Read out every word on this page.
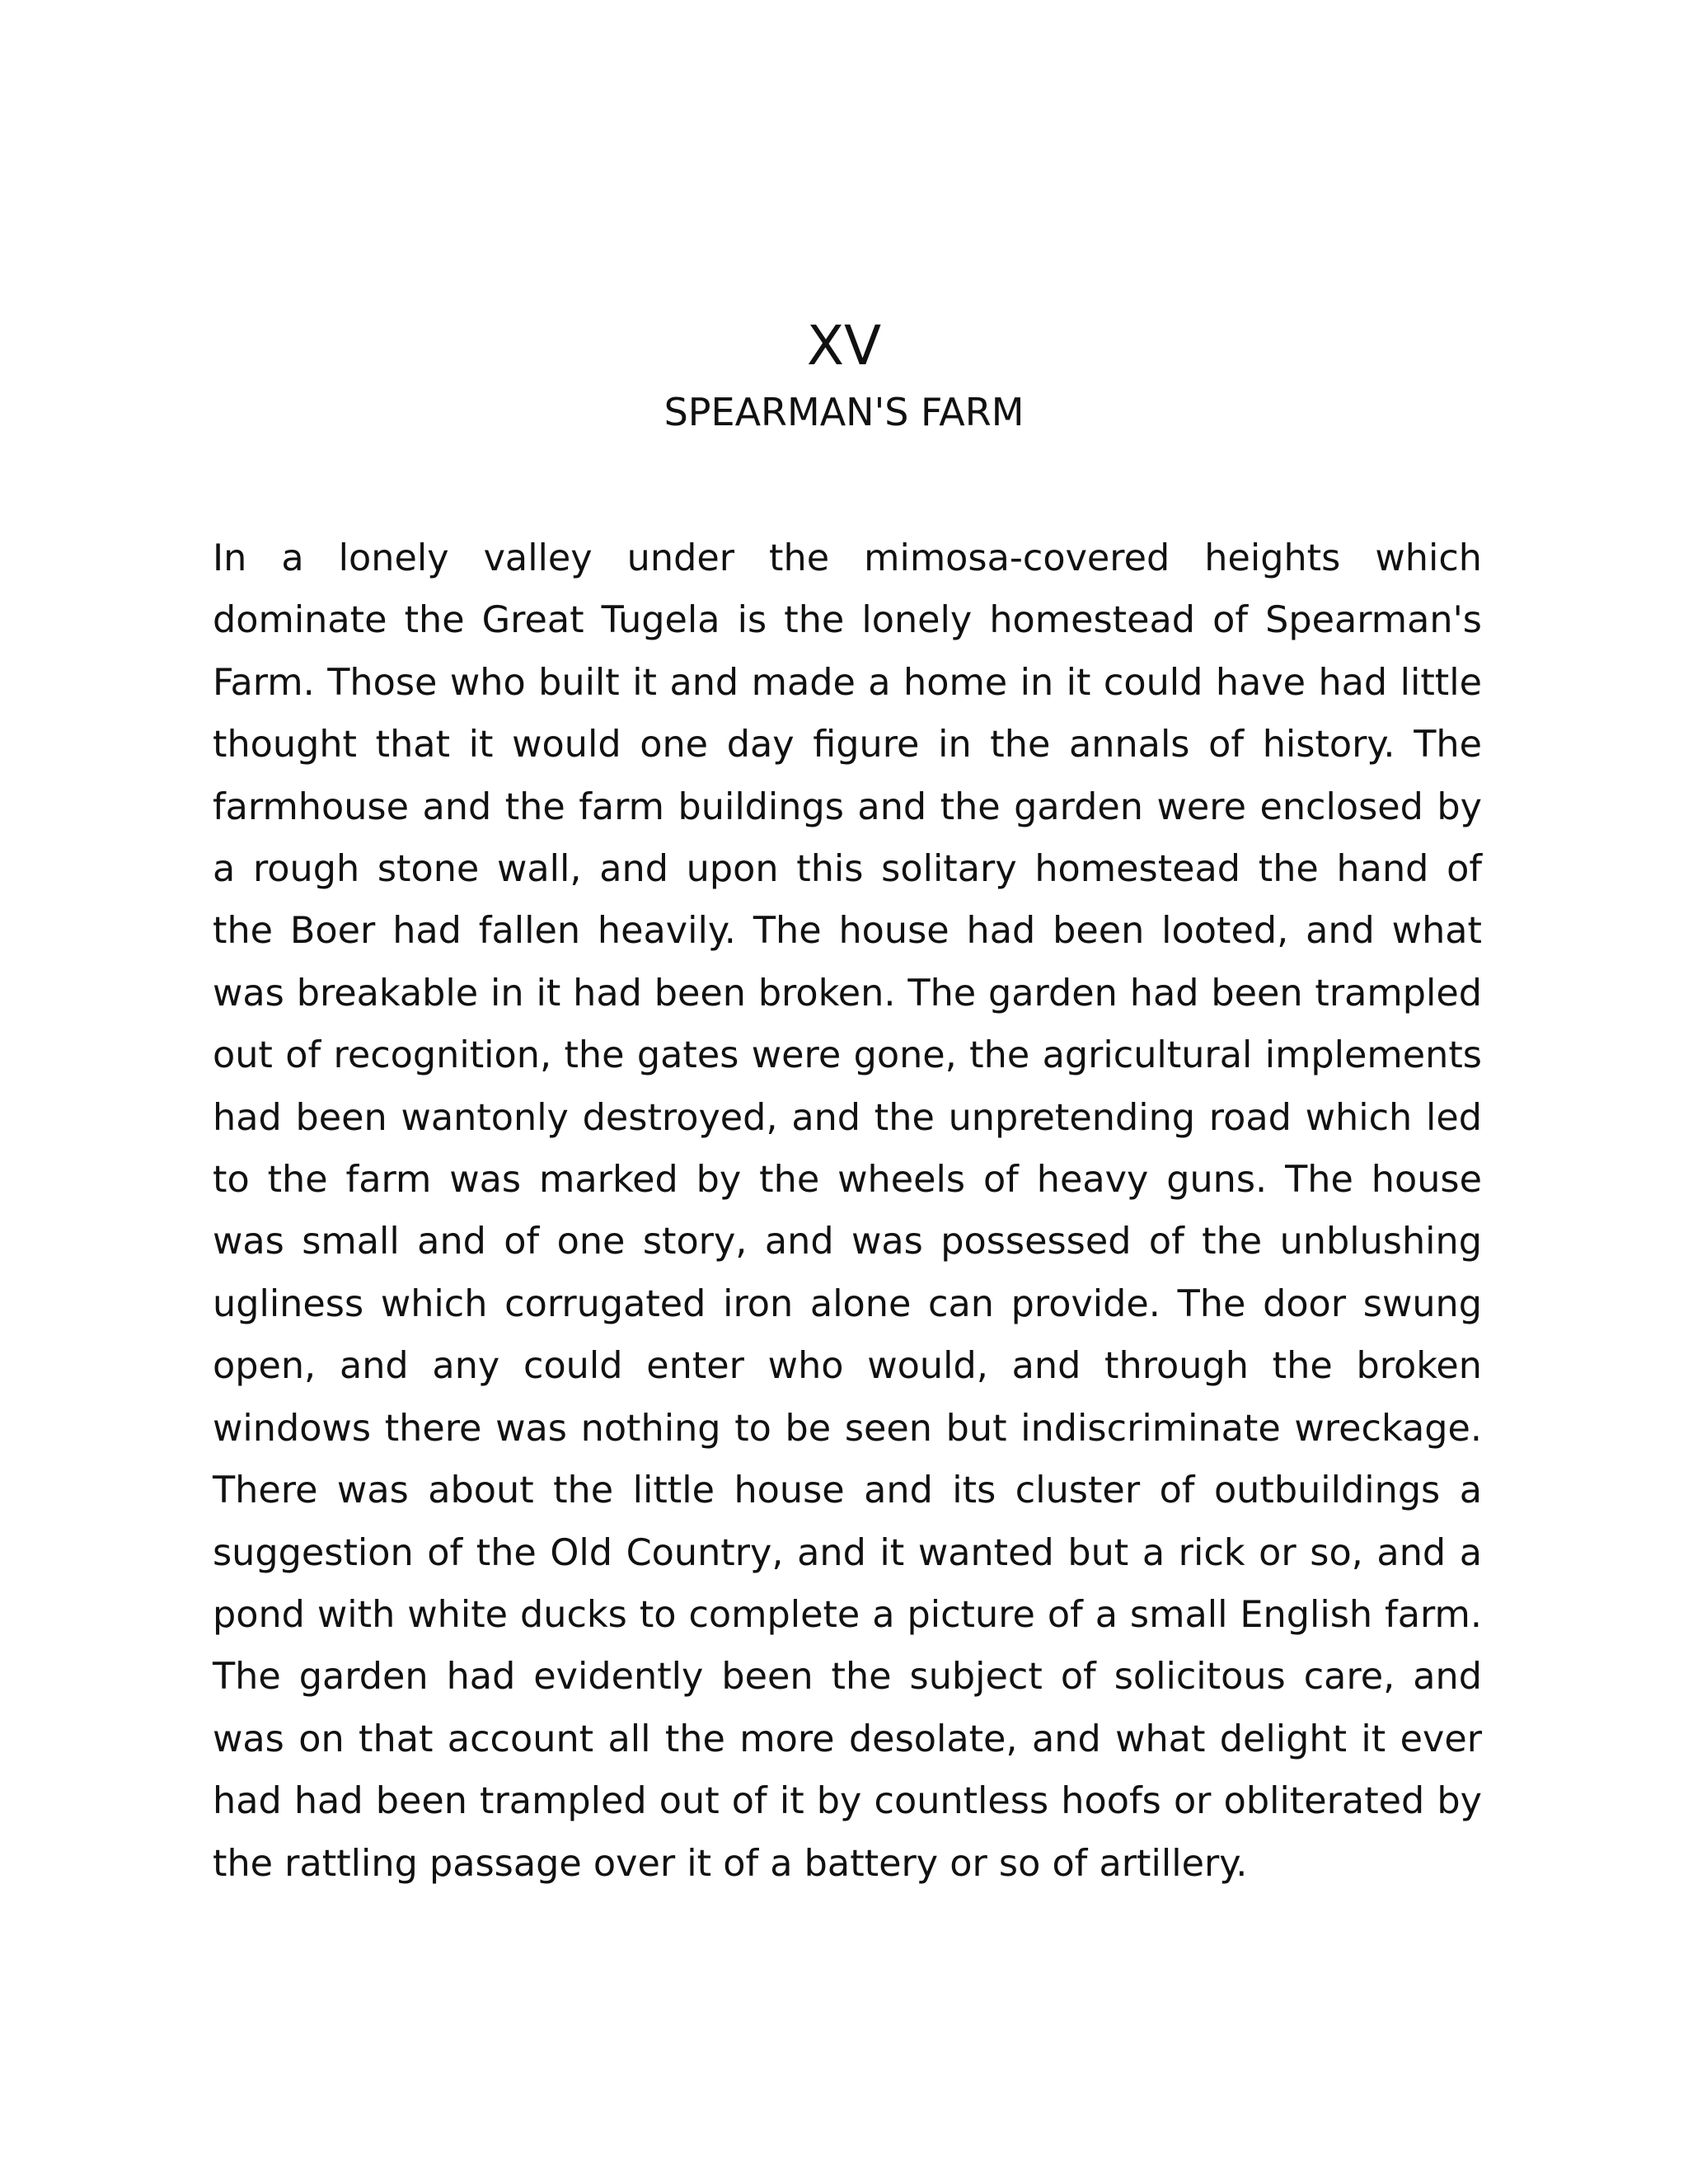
XV
SPEARMAN'S FARM

In a lonely valley under the mimosa-covered heights which dominate the Great Tugela is the lonely homestead of Spearman's Farm. Those who built it and made a home in it could have had little thought that it would one day figure in the annals of history. The farmhouse and the farm buildings and the garden were enclosed by a rough stone wall, and upon this solitary homestead the hand of the Boer had fallen heavily. The house had been looted, and what was breakable in it had been broken. The garden had been trampled out of recognition, the gates were gone, the agricultural implements had been wantonly destroyed, and the unpretending road which led to the farm was marked by the wheels of heavy guns. The house was small and of one story, and was possessed of the unblushing ugliness which corrugated iron alone can provide. The door swung open, and any could enter who would, and through the broken windows there was nothing to be seen but indiscriminate wreckage. There was about the little house and its cluster of outbuildings a suggestion of the Old Country, and it wanted but a rick or so, and a pond with white ducks to complete a picture of a small English farm. The garden had evidently been the subject of solicitous care, and was on that account all the more desolate, and what delight it ever had had been trampled out of it by countless hoofs or obliterated by the rattling passage over it of a battery or so of artillery.
